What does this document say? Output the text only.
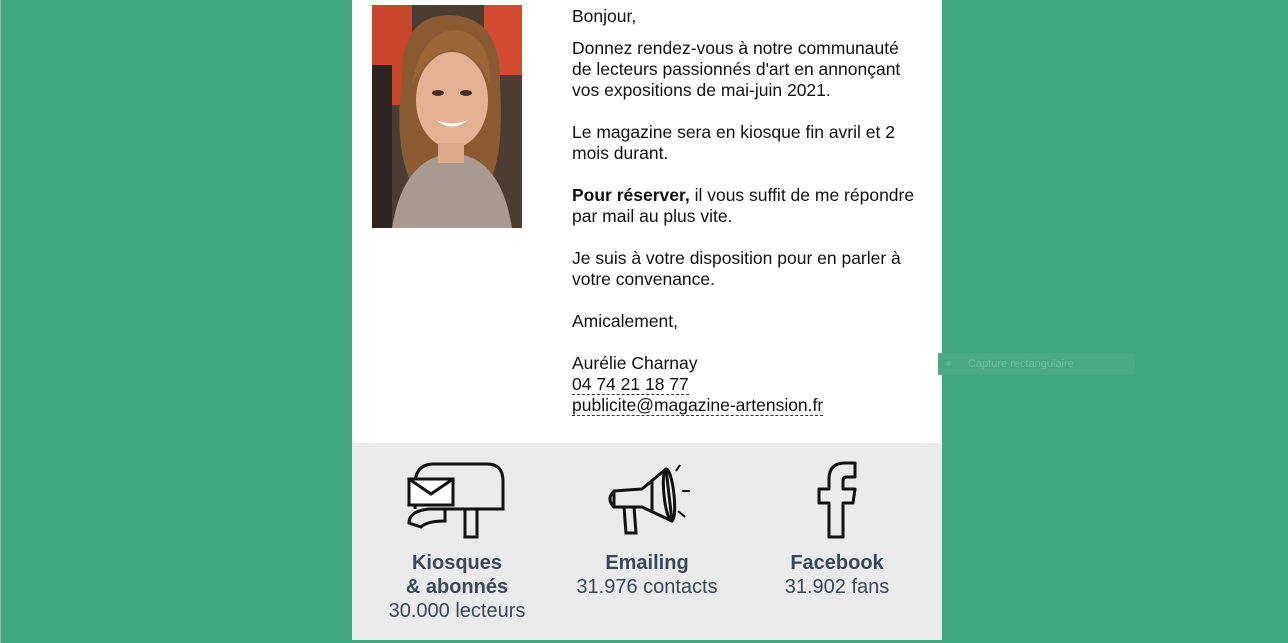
Bonjour,

Donnez rendez-vous à notre communauté de lecteurs passionnés d'art en annonçant vos expositions de mai-juin 2021.

Le magazine sera en kiosque fin avril et 2 mois durant.

Pour réserver, il vous suffit de me répondre par mail au plus vite.

Je suis à votre disposition pour en parler à votre convenance.

Amicalement,

Aurélie Charnay
04 74 21 18 77
publicite@magazine-artension.fr
Kiosques
& abonnés
30.000 lecteurs
Emailing
31.976 contacts
Facebook
31.902 fans
Capture rectangulaire
